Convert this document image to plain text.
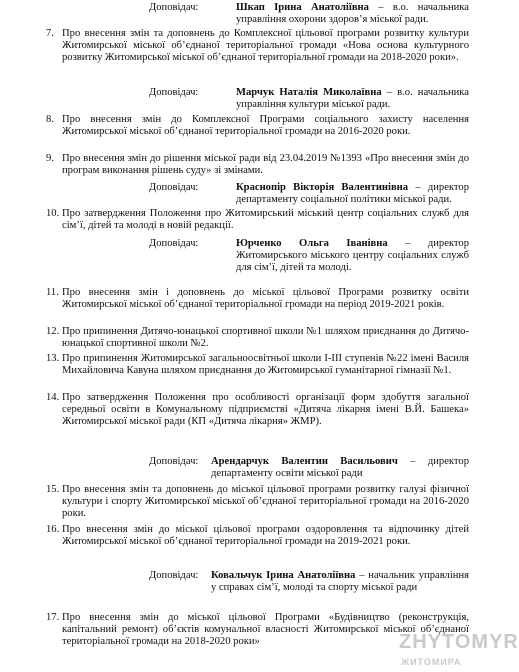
Доповідач:	Шкап Ірина Анатоліївна – в.о. начальника управління охорони здоров’я міської ради.
7. Про внесення змін та доповнень до Комплексної цільової програми розвитку культури Житомирської міської об’єднаної територіальної громади «Нова основа культурного розвитку Житомирської міської об’єднаної територіальної громади на 2018-2020 роки».
Доповідач:	Марчук Наталія Миколаївна – в.о. начальника управління культури міської ради.
8. Про внесення змін до Комплексної Програми соціального захисту населення Житомирської міської об’єднаної територіальної громади на 2016-2020 роки.
9. Про внесення змін до рішення міської ради від 23.04.2019 №1393 «Про внесення змін до програм виконання рішень суду» зі змінами.
Доповідач:	Краснопір Вікторія Валентинівна – директор департаменту соціальної політики міської ради.
10. Про затвердження Положення про Житомирський міський центр соціальних служб для сім’ї, дітей та молоді в новій редакції.
Доповідач:	Юрченко Ольга Іванівна – директор Житомирського міського центру соціальних служб для сім’ї, дітей та молоді.
11. Про внесення змін і доповнень до міської цільової Програми розвитку освіти Житомирської міської об’єднаної територіальної громади на період 2019-2021 років.
12. Про припинення Дитячо-юнацької спортивної школи №1 шляхом приєднання до Дитячо-юнацької спортивної школи №2.
13. Про припинення Житомирської загальноосвітньої школи І-ІІІ ступенів №22 імені Василя Михайловича Кавуна шляхом приєднання до Житомирської гуманітарної гімназії №1.
14. Про затвердження Положення про особливості організації форм здобуття загальної середньої освіти в Комунальному підприємстві «Дитяча лікарня імені В.Й. Башека» Житомирської міської ради (КП «Дитяча лікарня» ЖМР).
Доповідач: Арендарчук Валентин Васильович – директор департаменту освіти міської ради
15. Про внесення змін та доповнень до міської цільової програми розвитку галузі фізичної культури і спорту Житомирської міської об’єднаної територіальної громади на 2016-2020 роки.
16. Про внесення змін до міської цільової програми оздоровлення та відпочинку дітей Житомирської міської об’єднаної територіальної громади на 2019-2021 роки.
Доповідач: Ковальчук Ірина Анатоліївна – начальник управління у справах сім’ї, молоді та спорту міської ради
17. Про внесення змін до міської цільової Програми «Будівництво (реконструкція, капітальний ремонт) об’єктів комунальної власності Житомирської міської об’єднаної територіальної громади на 2018-2020 роки»	ZHYTOMYR
ЖИТОМИРА
